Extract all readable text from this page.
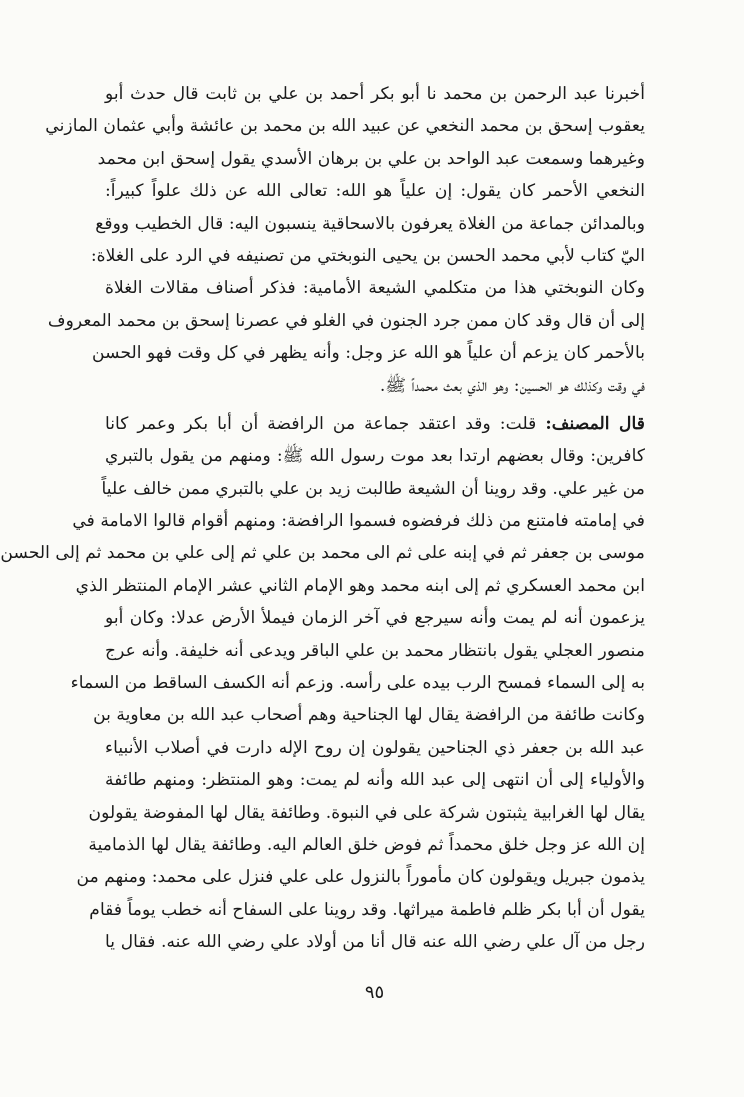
أخبرنا عبد الرحمن بن محمد نا أبو بكر أحمد بن علي بن ثابت قال حدث أبو
يعقوب إسحق بن محمد النخعي عن عبيد الله بن محمد بن عائشة وأبي عثمان المازني
وغيرهما وسمعت عبد الواحد بن علي بن برهان الأسدي يقول إسحق ابن محمد
النخعي الأحمر كان يقول: إن علياً هو الله: تعالى الله عن ذلك علواً كبيراً:
وبالمدائن جماعة من الغلاة يعرفون بالاسحاقية ينسبون اليه: قال الخطيب ووقع
اليّ كتاب لأبي محمد الحسن بن يحيى النوبختي من تصنيفه في الرد على الغلاة:
وكان النوبختي هذا من متكلمي الشيعة الأمامية: فذكر أصناف مقالات الغلاة
إلى أن قال وقد كان ممن جرد الجنون في الغلو في عصرنا إسحق بن محمد المعروف
بالأحمر كان يزعم أن علياً هو الله عز وجل: وأنه يظهر في كل وقت فهو الحسن
في وقت وكذلك هو الحسين: وهو الذي بعث محمداً ﷺ.
قال المصنف: قلت: وقد اعتقد جماعة من الرافضة أن أبا بكر وعمر كانا
كافرين: وقال بعضهم ارتدا بعد موت رسول الله ﷺ: ومنهم من يقول بالتبري
من غير علي. وقد روينا أن الشيعة طالبت زيد بن علي بالتبري ممن خالف علياً
في إمامته فامتنع من ذلك فرفضوه فسموا الرافضة: ومنهم أقوام قالوا الامامة في
موسى بن جعفر ثم في إبنه على ثم الى محمد بن علي ثم إلى علي بن محمد ثم إلى الحسن
ابن محمد العسكري ثم إلى ابنه محمد وهو الإمام الثاني عشر الإمام المنتظر الذي
يزعمون أنه لم يمت وأنه سيرجع في آخر الزمان فيملأ الأرض عدلا: وكان أبو
منصور العجلي يقول بانتظار محمد بن علي الباقر ويدعى أنه خليفة. وأنه عرج
به إلى السماء فمسح الرب بيده على رأسه. وزعم أنه الكسف الساقط من السماء
وكانت طائفة من الرافضة يقال لها الجناحية وهم أصحاب عبد الله بن معاوية بن
عبد الله بن جعفر ذي الجناحين يقولون إن روح الإله دارت في أصلاب الأنبياء
والأولياء إلى أن انتهى إلى عبد الله وأنه لم يمت: وهو المنتظر: ومنهم طائفة
يقال لها الغرابية يثبتون شركة على في النبوة. وطائفة يقال لها المفوضة يقولون
إن الله عز وجل خلق محمداً ثم فوض خلق العالم اليه. وطائفة يقال لها الذمامية
يذمون جبريل ويقولون كان مأموراً بالنزول على علي فنزل على محمد: ومنهم من
يقول أن أبا بكر ظلم فاطمة ميراثها. وقد روينا على السفاح أنه خطب يوماً فقام
رجل من آل علي رضي الله عنه قال أنا من أولاد علي رضي الله عنه. فقال يا
٩٥
